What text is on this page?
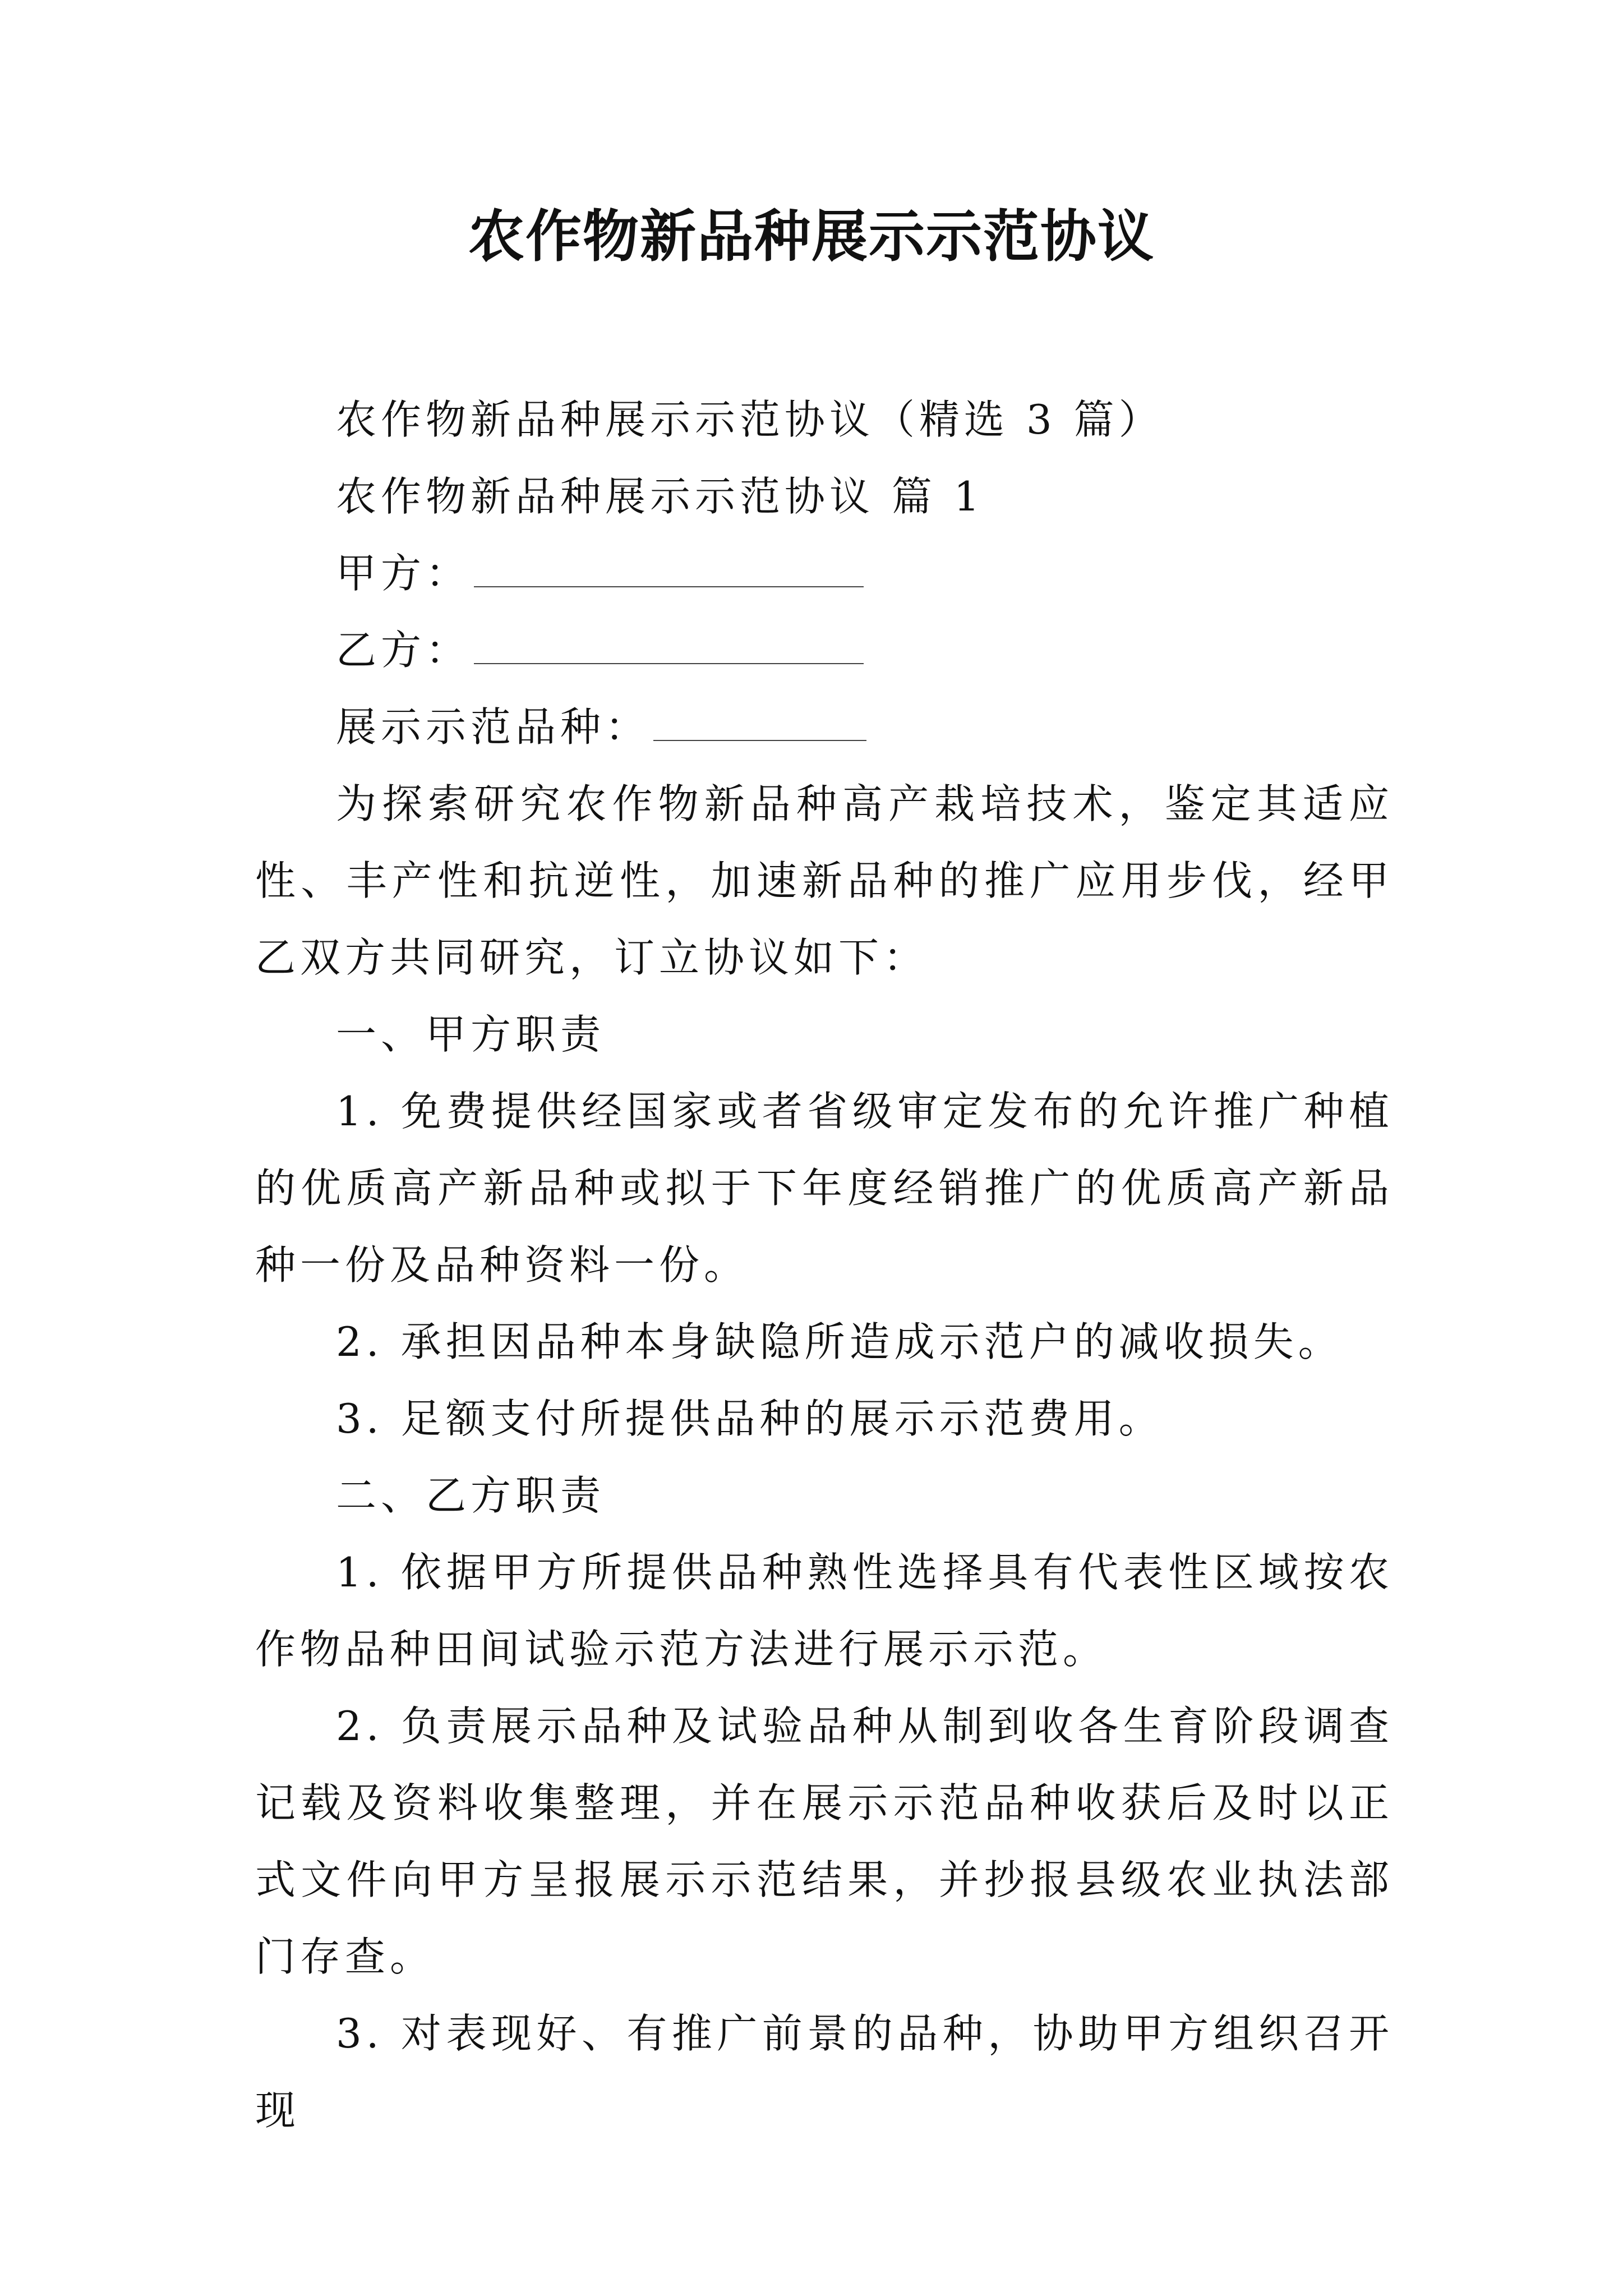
农作物新品种展示示范协议

农作物新品种展示示范协议（精选 3 篇）

农作物新品种展示示范协议 篇 1

甲方：

乙方：

展示示范品种：

为探索研究农作物新品种高产栽培技术，鉴定其适应性、丰产性和抗逆性，加速新品种的推广应用步伐，经甲乙双方共同研究，订立协议如下：

一、甲方职责

1. 免费提供经国家或者省级审定发布的允许推广种植的优质高产新品种或拟于下年度经销推广的优质高产新品种一份及品种资料一份。

2. 承担因品种本身缺隐所造成示范户的减收损失。

3. 足额支付所提供品种的展示示范费用。

二、乙方职责

1. 依据甲方所提供品种熟性选择具有代表性区域按农作物品种田间试验示范方法进行展示示范。

2. 负责展示品种及试验品种从制到收各生育阶段调查记载及资料收集整理，并在展示示范品种收获后及时以正式文件向甲方呈报展示示范结果，并抄报县级农业执法部门存查。

3. 对表现好、有推广前景的品种，协助甲方组织召开现
